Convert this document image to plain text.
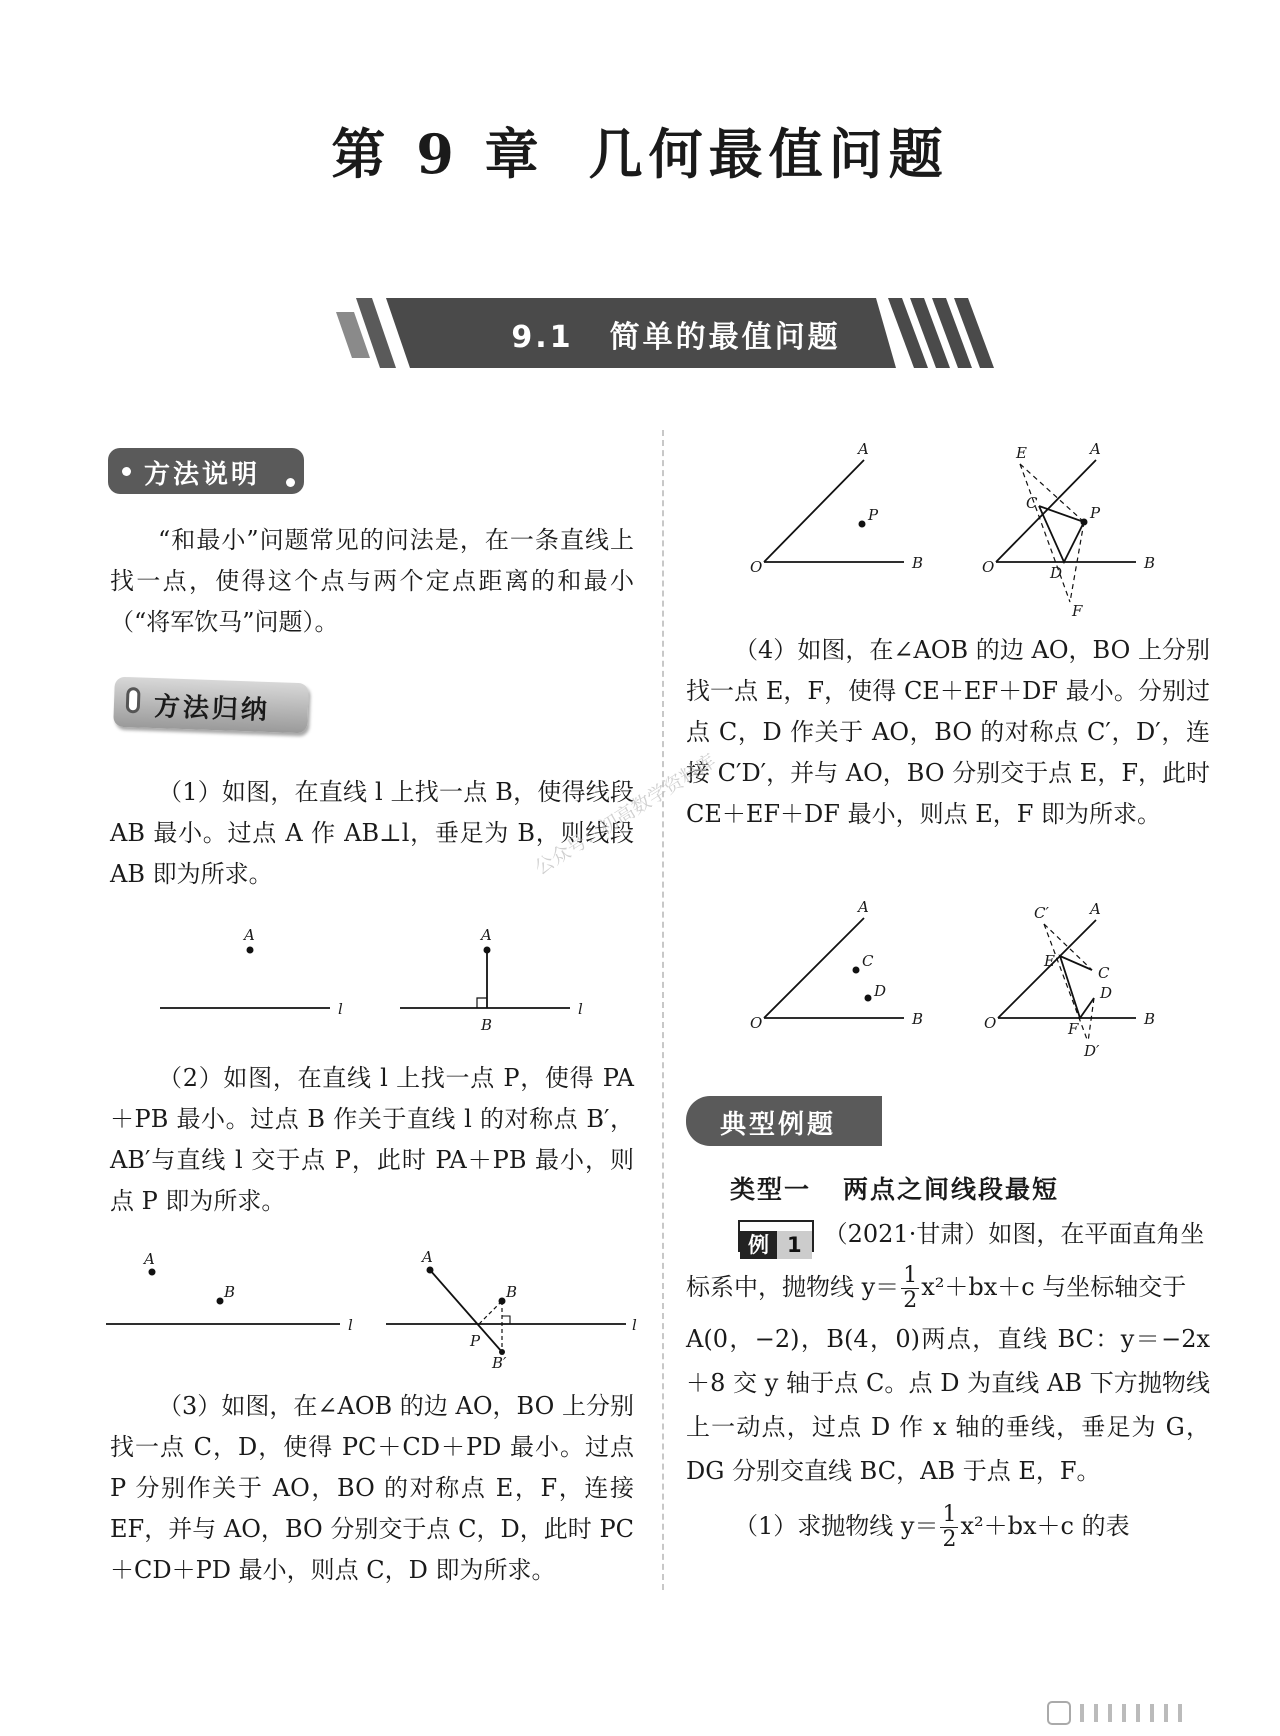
第 9 章 几何最值问题
9.1 简单的最值问题
方法说明
“和最小”问题常见的问法是，在一条直线上找一点，使得这个点与两个定点距离的和最小（“将军饮马”问题）。
方法归纳
（1）如图，在直线 l 上找一点 B，使得线段 AB 最小。过点 A 作 AB⊥l，垂足为 B，则线段 AB 即为所求。
A
l	l
A
B
（2）如图，在直线 l 上找一点 P，使得 PA＋PB 最小。过点 B 作关于直线 l 的对称点 B′，AB′与直线 l 交于点 P，此时 PA＋PB 最小，则点 P 即为所求。
A
B
l	l
A
B
B′
P
（3）如图，在∠AOB 的边 AO，BO 上分别找一点 C，D，使得 PC＋CD＋PD 最小。过点 P 分别作关于 AO，BO 的对称点 E，F，连接 EF，并与 AO，BO 分别交于点 C，D，此时 PC＋CD＋PD 最小，则点 C，D 即为所求。
O	B
A
P
O	B
A
P
C
D
E
F
（4）如图，在∠AOB 的边 AO，BO 上分别找一点 E，F，使得 CE＋EF＋DF 最小。分别过点 C，D 作关于 AO，BO 的对称点 C′，D′，连接 C′D′，并与 AO，BO 分别交于点 E，F，此时 CE＋EF＋DF 最小，则点 E，F 即为所求。
O	B
A
C
D
O	B
A
C′
E
C
D
F
D′
典型例题
类型一 两点之间线段最短
例 1 （2021·甘肃）如图，在平面直角坐
标系中，抛物线 $y= \frac{1}{2} x^2+bx+c$ 与坐标轴交于
A(0，−2)，B(4，0)两点，直线 BC：y＝−2x＋8 交 y 轴于点 C。点 D 为直线 AB 下方抛物线上一动点，过点 D 作 x 轴的垂线，垂足为 G，DG 分别交直线 BC，AB 于点 E，F。
（1）求抛物线 $y= \frac{1}{2} x^2+bx+c$ 的表
公众号：初高数学资料库
